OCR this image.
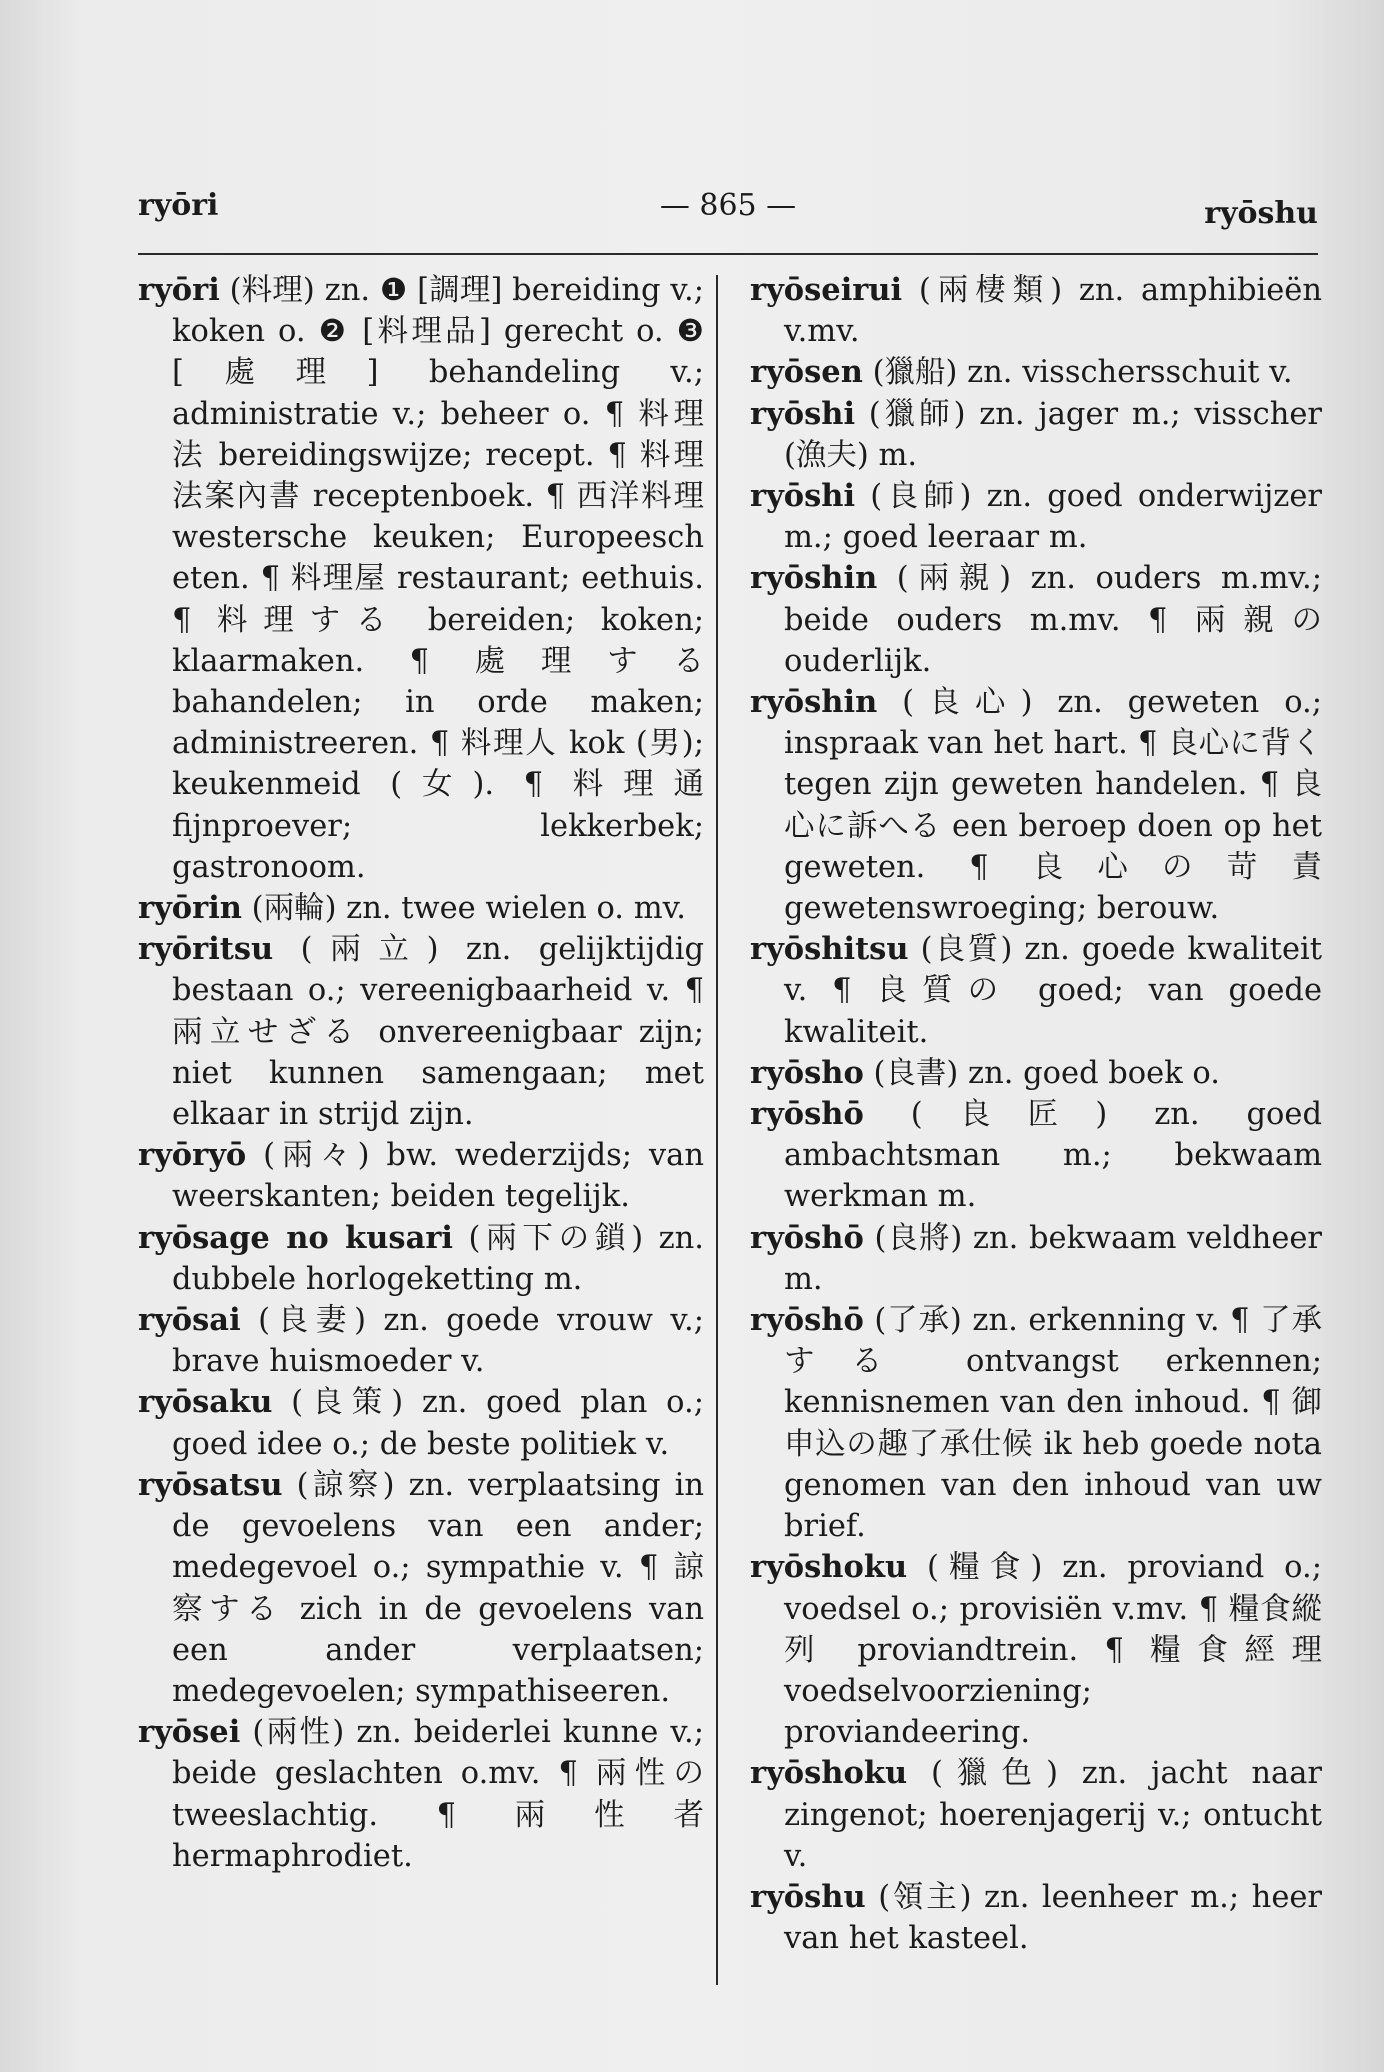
ryōri	— 865 —	ryōshu
ryōri (料理) zn. ❶ [調理] bereiding v.; koken o. ❷ [料理品] gerecht o. ❸ [處理] behandeling v.; administratie v.; beheer o. ¶ 料理法 bereidingswijze; recept. ¶ 料理法案內書 receptenboek. ¶ 西洋料理 westersche keuken; Europeesch eten. ¶ 料理屋 restaurant; eethuis. ¶ 料理する bereiden; koken; klaarmaken. ¶ 處理する bahandelen; in orde maken; administreeren. ¶ 料理人 kok (男); keukenmeid (女). ¶ 料理通 fijnproever; lekkerbek; gastronoom.
ryōrin (兩輪) zn. twee wielen o. mv.
ryōritsu (兩立) zn. gelijktijdig bestaan o.; vereenigbaarheid v. ¶ 兩立せざる onvereenigbaar zijn; niet kunnen samengaan; met elkaar in strijd zijn.
ryōryō (兩々) bw. wederzijds; van weerskanten; beiden tegelijk.
ryōsage no kusari (兩下の鎖) zn. dubbele horlogeketting m.
ryōsai (良妻) zn. goede vrouw v.; brave huismoeder v.
ryōsaku (良策) zn. goed plan o.; goed idee o.; de beste politiek v.
ryōsatsu (諒察) zn. verplaatsing in de gevoelens van een ander; medegevoel o.; sympathie v. ¶ 諒察する zich in de gevoelens van een ander verplaatsen; medegevoelen; sympathiseeren.
ryōsei (兩性) zn. beiderlei kunne v.; beide geslachten o.mv. ¶ 兩性の tweeslachtig. ¶ 兩性者 hermaphrodiet.
ryōseirui (兩棲類) zn. amphibieën v.mv.
ryōsen (獵船) zn. visschersschuit v.
ryōshi (獵師) zn. jager m.; visscher (漁夫) m.
ryōshi (良師) zn. goed onderwijzer m.; goed leeraar m.
ryōshin (兩親) zn. ouders m.mv.; beide ouders m.mv. ¶ 兩親の ouderlijk.
ryōshin (良心) zn. geweten o.; inspraak van het hart. ¶ 良心に背く tegen zijn geweten handelen. ¶ 良心に訴へる een beroep doen op het geweten. ¶ 良心の苛責 gewetenswroeging; berouw.
ryōshitsu (良質) zn. goede kwaliteit v. ¶ 良質の goed; van goede kwaliteit.
ryōsho (良書) zn. goed boek o.
ryōshō (良匠) zn. goed ambachtsman m.; bekwaam werkman m.
ryōshō (良將) zn. bekwaam veldheer m.
ryōshō (了承) zn. erkenning v. ¶ 了承する ontvangst erkennen; kennisnemen van den inhoud. ¶ 御申込の趣了承仕候 ik heb goede nota genomen van den inhoud van uw brief.
ryōshoku (糧食) zn. proviand o.; voedsel o.; provisiën v.mv. ¶ 糧食縱列 proviandtrein. ¶ 糧食經理 voedselvoorziening; proviandeering.
ryōshoku (獵色) zn. jacht naar zingenot; hoerenjagerij v.; ontucht v.
ryōshu (領主) zn. leenheer m.; heer van het kasteel.
